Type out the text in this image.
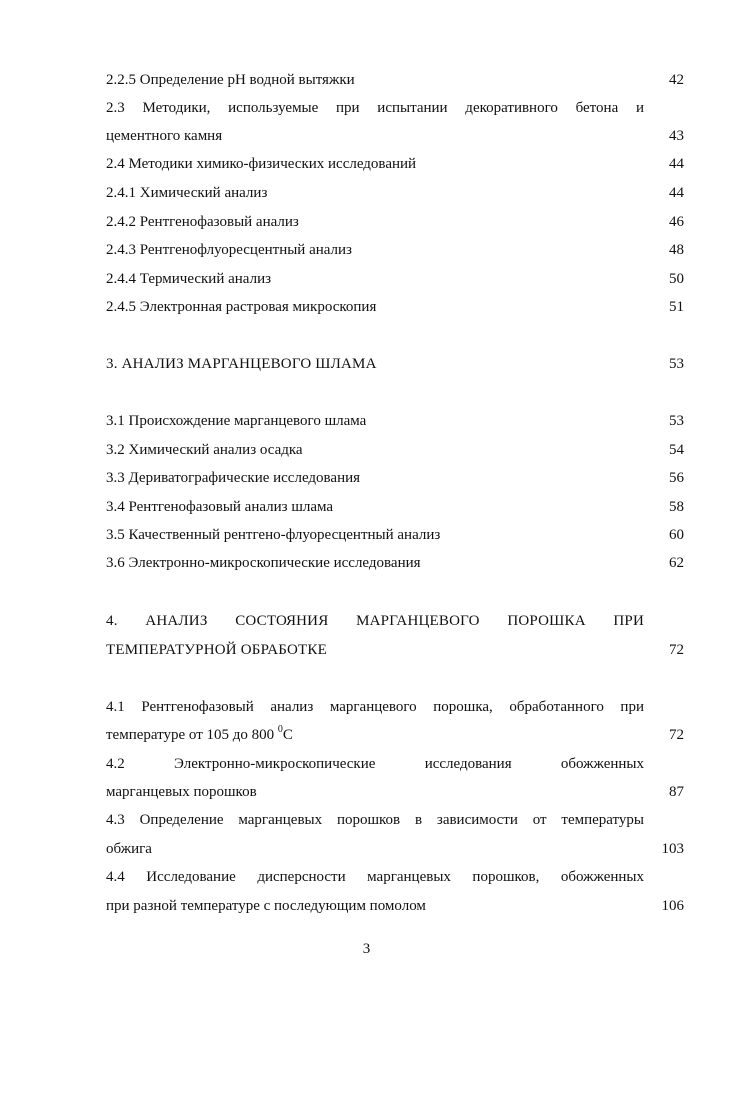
2.2.5 Определение рН водной вытяжки	42
2.3 Методики, используемые при испытании декоративного бетона и
цементного камня	43
2.4 Методики химико-физических исследований	44
2.4.1 Химический анализ	44
2.4.2 Рентгенофазовый анализ	46
2.4.3 Рентгенофлуоресцентный анализ	48
2.4.4 Термический анализ	50
2.4.5 Электронная растровая микроскопия	51
3. АНАЛИЗ МАРГАНЦЕВОГО ШЛАМА	53
3.1 Происхождение марганцевого шлама	53
3.2 Химический анализ осадка	54
3.3 Дериватографические исследования	56
3.4 Рентгенофазовый анализ шлама	58
3.5 Качественный рентгено-флуоресцентный анализ	60
3.6 Электронно-микроскопические исследования	62
4. АНАЛИЗ СОСТОЯНИЯ МАРГАНЦЕВОГО ПОРОШКА ПРИ
ТЕМПЕРАТУРНОЙ ОБРАБОТКЕ	72
4.1 Рентгенофазовый анализ марганцевого порошка, обработанного при
температуре от 105 до 800 $^0$С	72
4.2 Электронно-микроскопические исследования обожженных
марганцевых порошков	87
4.3 Определение марганцевых порошков в зависимости от температуры
обжига	103
4.4 Исследование дисперсности марганцевых порошков, обожженных
при разной температуре с последующим помолом	106
3
